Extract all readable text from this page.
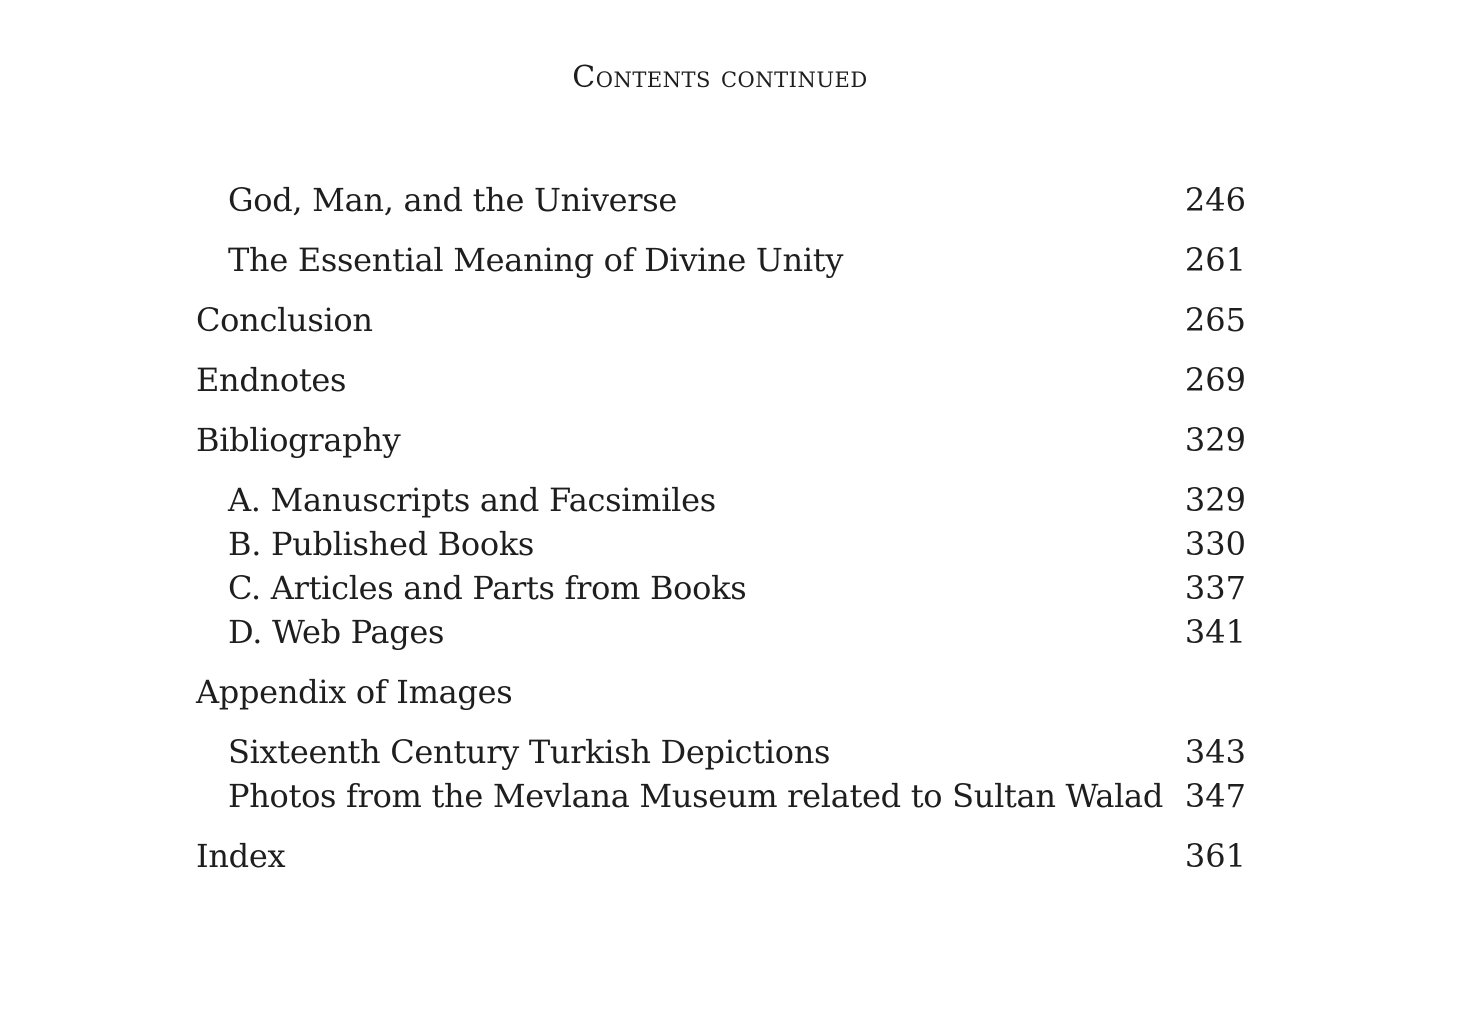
Contents continued
God, Man, and the Universe	246
The Essential Meaning of Divine Unity	261
Conclusion	265
Endnotes	269
Bibliography	329
A. Manuscripts and Facsimiles	329
B. Published Books	330
C. Articles and Parts from Books	337
D. Web Pages	341
Appendix of Images
Sixteenth Century Turkish Depictions	343
Photos from the Mevlana Museum related to Sultan Walad 347
Index	361
